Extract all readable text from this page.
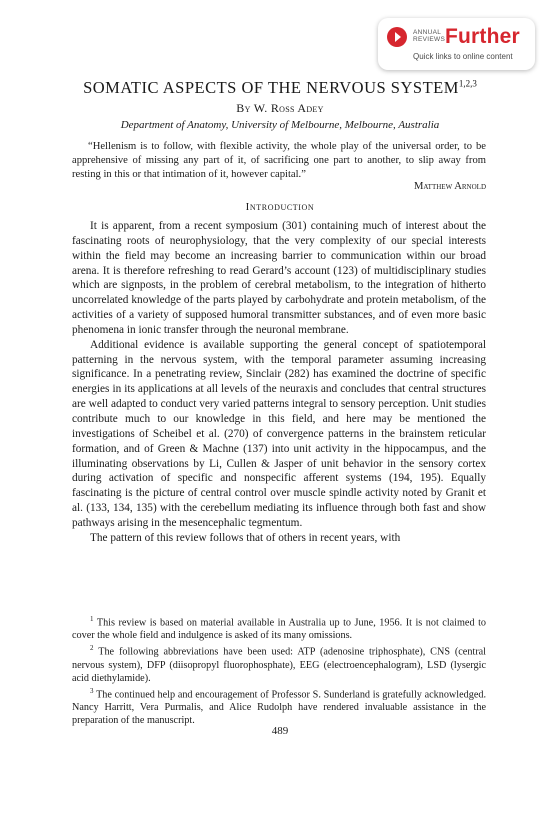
ANNUAL REVIEWS Further
Quick links to online content
SOMATIC ASPECTS OF THE NERVOUS SYSTEM$^{1,2,3}$
By W. Ross Adey
Department of Anatomy, University of Melbourne, Melbourne, Australia

“Hellenism is to follow, with flexible activity, the whole play of the universal order, to be apprehensive of missing any part of it, of sacrificing one part to another, to slip away from resting in this or that intimation of it, however capital.”

Matthew Arnold
Introduction

It is apparent, from a recent symposium (301) containing much of interest about the fascinating roots of neurophysiology, that the very complexity of our special interests within the field may become an increasing barrier to communication within our broad arena. It is therefore refreshing to read Gerard’s account (123) of multidisciplinary studies which are signposts, in the problem of cerebral metabolism, to the integration of hitherto uncorrelated knowledge of the parts played by carbohydrate and protein metabolism, of the activities of a variety of supposed humoral transmitter substances, and of even more basic phenomena in ionic transfer through the neuronal membrane.

Additional evidence is available supporting the general concept of spatiotemporal patterning in the nervous system, with the temporal parameter assuming increasing significance. In a penetrating review, Sinclair (282) has examined the doctrine of specific energies in its applications at all levels of the neuraxis and concludes that central structures are well adapted to conduct very varied patterns integral to sensory perception. Unit studies contribute much to our knowledge in this field, and here may be mentioned the investigations of Scheibel et al. (270) of convergence patterns in the brainstem reticular formation, and of Green & Machne (137) into unit activity in the hippocampus, and the illuminating observations by Li, Cullen & Jasper of unit behavior in the sensory cortex during activation of specific and nonspecific afferent systems (194, 195). Equally fascinating is the picture of central control over muscle spindle activity noted by Granit et al. (133, 134, 135) with the cerebellum mediating its influence through both fast and show pathways arising in the mesencephalic tegmentum.

The pattern of this review follows that of others in recent years, with

$^1$ This review is based on material available in Australia up to June, 1956. It is not claimed to cover the whole field and indulgence is asked of its many omissions.

$^2$ The following abbreviations have been used: ATP (adenosine triphosphate), CNS (central nervous system), DFP (diisopropyl fluorophosphate), EEG (electroencephalogram), LSD (lysergic acid diethylamide).

$^3$ The continued help and encouragement of Professor S. Sunderland is gratefully acknowledged. Nancy Harritt, Vera Purmalis, and Alice Rudolph have rendered invaluable assistance in the preparation of the manuscript.

489
